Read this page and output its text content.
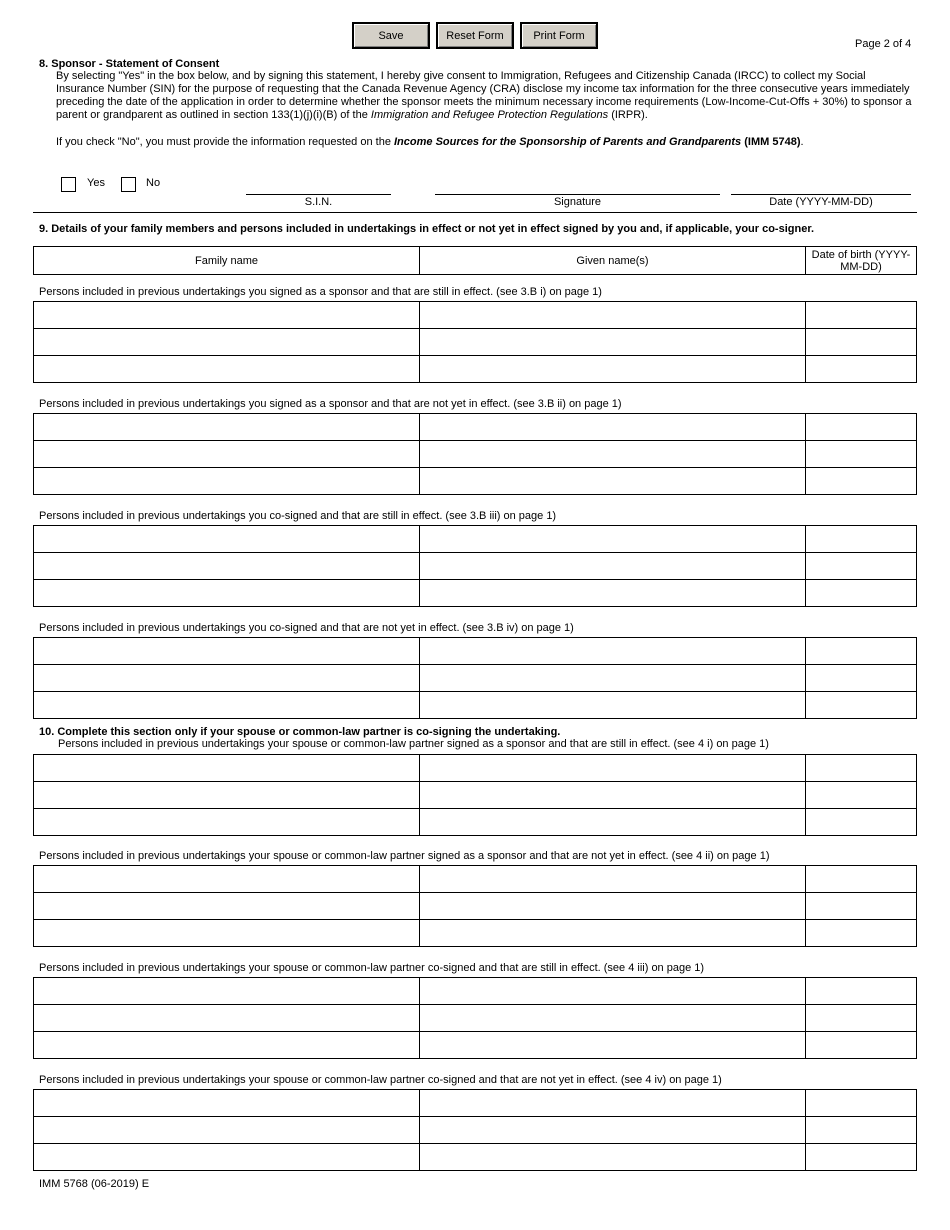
Save	Reset Form	Print Form
Page 2 of 4
8. Sponsor - Statement of Consent
By selecting "Yes" in the box below, and by signing this statement, I hereby give consent to Immigration, Refugees and Citizenship Canada (IRCC) to collect my Social Insurance Number (SIN) for the purpose of requesting that the Canada Revenue Agency (CRA) disclose my income tax information for the three consecutive years immediately preceding the date of the application in order to determine whether the sponsor meets the minimum necessary income requirements (Low-Income-Cut-Offs + 30%) to sponsor a parent or grandparent as outlined in section 133(1)(j)(i)(B) of the Immigration and Refugee Protection Regulations (IRPR).
If you check "No", you must provide the information requested on the Income Sources for the Sponsorship of Parents and Grandparents (IMM 5748).
Yes	No
S.I.N.	Signature	Date (YYYY-MM-DD)
9. Details of your family members and persons included in undertakings in effect or not yet in effect signed by you and, if applicable, your co-signer.
Family name	Given name(s)	Date of birth (YYYY-MM-DD)
Persons included in previous undertakings you signed as a sponsor and that are still in effect. (see 3.B i) on page 1)

Persons included in previous undertakings you signed as a sponsor and that are not yet in effect. (see 3.B ii) on page 1)

Persons included in previous undertakings you co-signed and that are still in effect. (see 3.B iii) on page 1)

Persons included in previous undertakings you co-signed and that are not yet in effect. (see 3.B iv) on page 1)

10. Complete this section only if your spouse or common-law partner is co-signing the undertaking.
Persons included in previous undertakings your spouse or common-law partner signed as a sponsor and that are still in effect. (see 4 i) on page 1)

Persons included in previous undertakings your spouse or common-law partner signed as a sponsor and that are not yet in effect. (see 4 ii) on page 1)

Persons included in previous undertakings your spouse or common-law partner co-signed and that are still in effect. (see 4 iii) on page 1)

Persons included in previous undertakings your spouse or common-law partner co-signed and that are not yet in effect. (see 4 iv) on page 1)

IMM 5768 (06-2019) E
